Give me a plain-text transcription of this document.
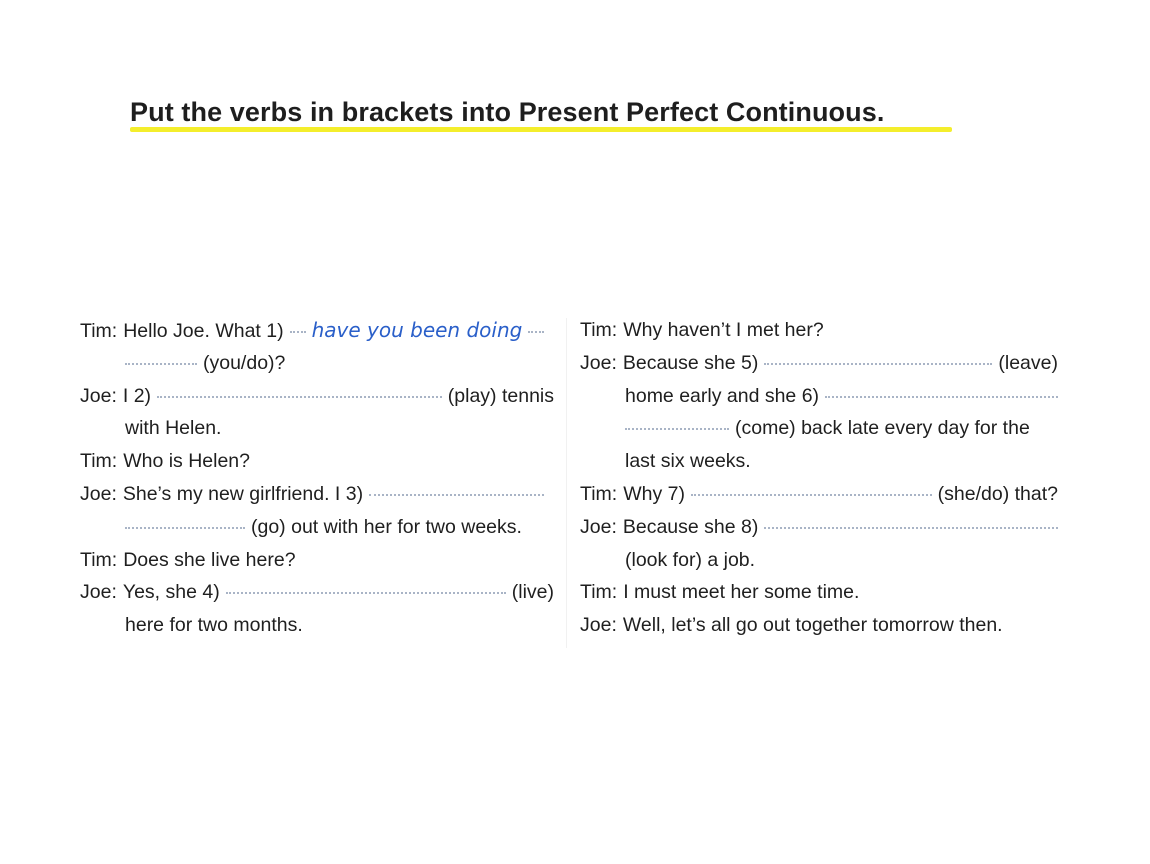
Put the verbs in brackets into Present Perfect Continuous.
Tim: Hello Joe. What 1) have you been doing
(you/do)?
Joe: I 2)	(play) tennis
with Helen.
Tim: Who is Helen?
Joe: She’s my new girlfriend. I 3)
(go) out with her for two weeks.
Tim: Does she live here?
Joe: Yes, she 4)	(live)
here for two months.
Tim: Why haven’t I met her?
Joe: Because she 5)	(leave)
home early and she 6)
(come) back late every day for the
last six weeks.
Tim: Why 7)	(she/do) that?
Joe: Because she 8)
(look for) a job.
Tim: I must meet her some time.
Joe: Well, let’s all go out together tomorrow then.
